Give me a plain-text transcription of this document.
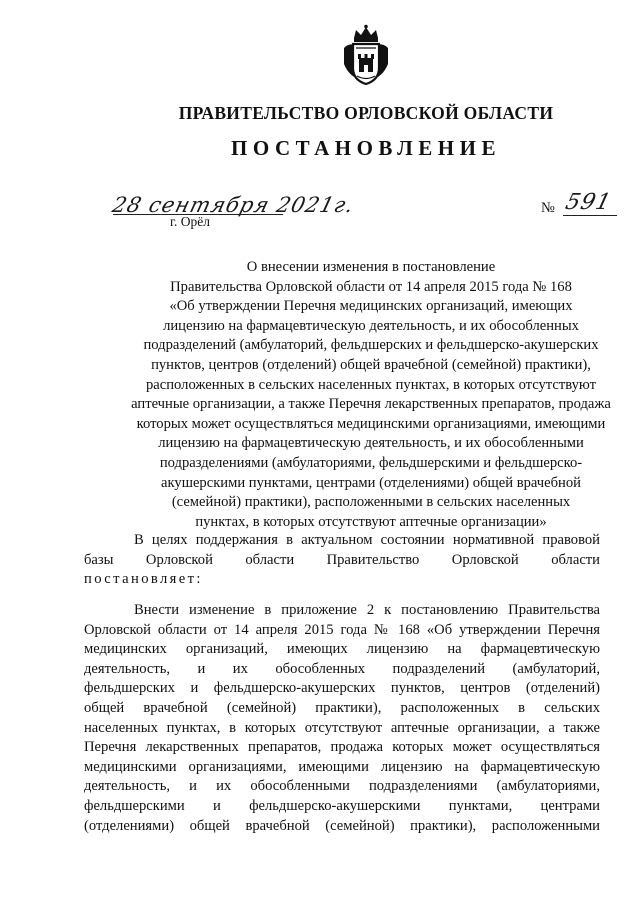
ПРАВИТЕЛЬСТВО ОРЛОВСКОЙ ОБЛАСТИ
ПОСТАНОВЛЕНИЕ
28 сентября 2021г.
г. Орёл
№ 591
О внесении изменения в постановление
Правительства Орловской области от 14 апреля 2015 года № 168
«Об утверждении Перечня медицинских организаций, имеющих
лицензию на фармацевтическую деятельность, и их обособленных
подразделений (амбулаторий, фельдшерских и фельдшерско-акушерских
пунктов, центров (отделений) общей врачебной (семейной) практики),
расположенных в сельских населенных пунктах, в которых отсутствуют
аптечные организации, а также Перечня лекарственных препаратов, продажа
которых может осуществляться медицинскими организациями, имеющими
лицензию на фармацевтическую деятельность, и их обособленными
подразделениями (амбулаториями, фельдшерскими и фельдшерско-
акушерскими пунктами, центрами (отделениями) общей врачебной
(семейной) практики), расположенными в сельских населенных
пунктах, в которых отсутствуют аптечные организации»
В целях поддержания в актуальном состоянии нормативной правовой
базы Орловской области Правительство Орловской области
постановляет:
Внести изменение в приложение 2 к постановлению Правительства
Орловской области от 14 апреля 2015 года № 168 «Об утверждении Перечня
медицинских организаций, имеющих лицензию на фармацевтическую
деятельность, и их обособленных подразделений (амбулаторий,
фельдшерских и фельдшерско-акушерских пунктов, центров (отделений)
общей врачебной (семейной) практики), расположенных в сельских
населенных пунктах, в которых отсутствуют аптечные организации, а также
Перечня лекарственных препаратов, продажа которых может осуществляться
медицинскими организациями, имеющими лицензию на фармацевтическую
деятельность, и их обособленными подразделениями (амбулаториями,
фельдшерскими и фельдшерско-акушерскими пунктами, центрами
(отделениями) общей врачебной (семейной) практики), расположенными
